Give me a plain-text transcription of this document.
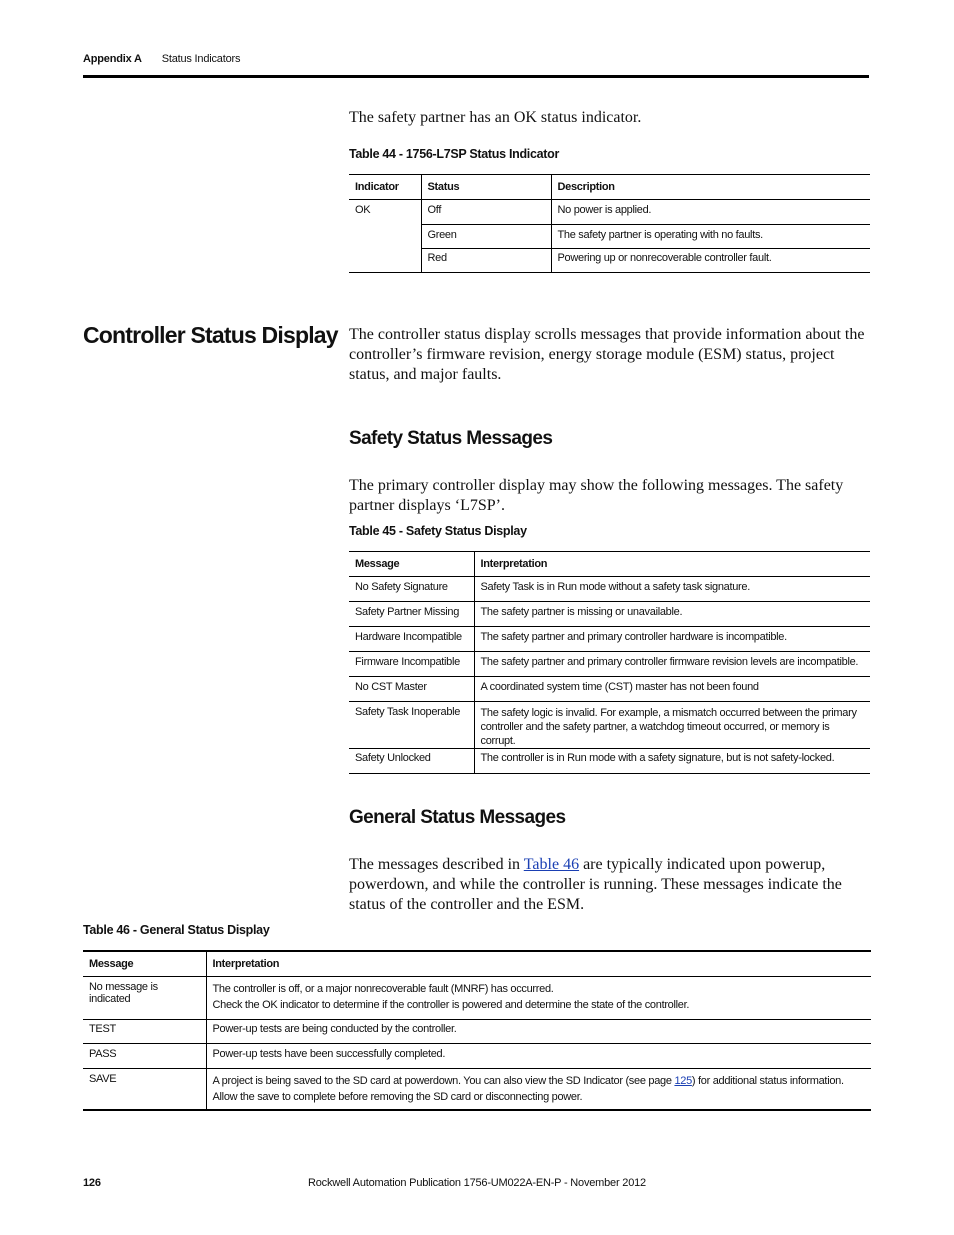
Appendix A Status Indicators
The safety partner has an OK status indicator.
Table 44 - 1756-L7SP Status Indicator
Indicator	Status	Description
OK	Off	No power is applied.
	Green	The safety partner is operating with no faults.
	Red	Powering up or nonrecoverable controller fault.
Controller Status Display The controller status display scrolls messages that provide information about the controller’s firmware revision, energy storage module (ESM) status, project status, and major faults.
Safety Status Messages
The primary controller display may show the following messages. The safety partner displays ‘L7SP’.
Table 45 - Safety Status Display
Message	Interpretation
No Safety Signature	Safety Task is in Run mode without a safety task signature.
Safety Partner Missing	The safety partner is missing or unavailable.
Hardware Incompatible	The safety partner and primary controller hardware is incompatible.
Firmware Incompatible	The safety partner and primary controller firmware revision levels are incompatible.
No CST Master	A coordinated system time (CST) master has not been found
Safety Task Inoperable	The safety logic is invalid. For example, a mismatch occurred between the primary controller and the safety partner, a watchdog timeout occurred, or memory is corrupt.
Safety Unlocked	The controller is in Run mode with a safety signature, but is not safety-locked.
General Status Messages
The messages described in Table 46 are typically indicated upon powerup, powerdown, and while the controller is running. These messages indicate the status of the controller and the ESM.
Table 46 - General Status Display
Message	Interpretation
No message is indicated	The controller is off, or a major nonrecoverable fault (MNRF) has occurred.
Check the OK indicator to determine if the controller is powered and determine the state of the controller.

TEST	Power-up tests are being conducted by the controller.
PASS	Power-up tests have been successfully completed.
SAVE	A project is being saved to the SD card at powerdown. You can also view the SD Indicator (see page 125) for additional status information.
Allow the save to complete before removing the SD card or disconnecting power.
126	Rockwell Automation Publication 1756-UM022A-EN-P - November 2012
